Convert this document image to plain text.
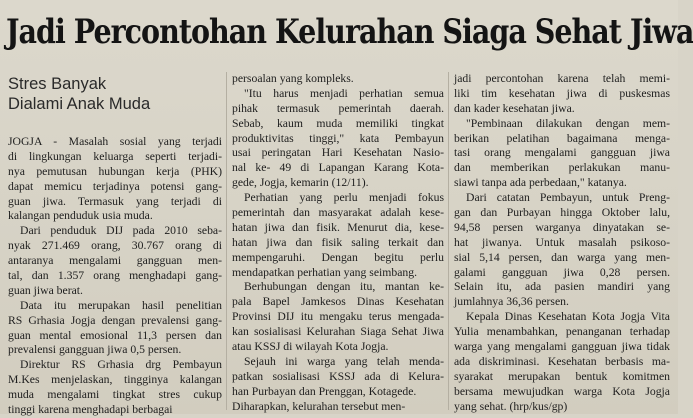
Jadi Percontohan Kelurahan Siaga Sehat Jiwa
Stres Banyak
Dialami Anak Muda
JOGJA - Masalah sosial yang terjadi
di lingkungan keluarga seperti terjadi-
nya pemutusan hubungan kerja (PHK)
dapat memicu terjadinya potensi gang-
guan jiwa. Termasuk yang terjadi di
kalangan penduduk usia muda.
Dari penduduk DIJ pada 2010 seba-
nyak 271.469 orang, 30.767 orang di
antaranya mengalami gangguan men-
tal, dan 1.357 orang menghadapi gang-
guan jiwa berat.
Data itu merupakan hasil penelitian
RS Grhasia Jogja dengan prevalensi gang-
guan mental emosional 11,3 persen dan
prevalensi gangguan jiwa 0,5 persen.
Direktur RS Grhasia drg Pembayun
M.Kes menjelaskan, tingginya kalangan
muda mengalami tingkat stres cukup
tinggi karena menghadapi berbagai
persoalan yang kompleks.
"Itu harus menjadi perhatian semua
pihak termasuk pemerintah daerah.
Sebab, kaum muda memiliki tingkat
produktivitas tinggi," kata Pembayun
usai peringatan Hari Kesehatan Nasio-
nal ke- 49 di Lapangan Karang Kota-
gede, Jogja, kemarin (12/11).
Perhatian yang perlu menjadi fokus
pemerintah dan masyarakat adalah kese-
hatan jiwa dan fisik. Menurut dia, kese-
hatan jiwa dan fisik saling terkait dan
mempengaruhi. Dengan begitu perlu
mendapatkan perhatian yang seimbang.
Berhubungan dengan itu, mantan ke-
pala Bapel Jamkesos Dinas Kesehatan
Provinsi DIJ itu mengaku terus mengada-
kan sosialisasi Kelurahan Siaga Sehat Jiwa
atau KSSJ di wilayah Kota Jogja.
Sejauh ini warga yang telah menda-
patkan sosialisasi KSSJ ada di Kelura-
han Purbayan dan Prenggan, Kotagede.
Diharapkan, kelurahan tersebut men-
jadi percontohan karena telah memi-
liki tim kesehatan jiwa di puskesmas
dan kader kesehatan jiwa.
"Pembinaan dilakukan dengan mem-
berikan pelatihan bagaimana menga-
tasi orang mengalami gangguan jiwa
dan memberikan perlakukan manu-
siawi tanpa ada perbedaan," katanya.
Dari catatan Pembayun, untuk Preng-
gan dan Purbayan hingga Oktober lalu,
94,58 persen warganya dinyatakan se-
hat jiwanya. Untuk masalah psikoso-
sial 5,14 persen, dan warga yang men-
galami gangguan jiwa 0,28 persen.
Selain itu, ada pasien mandiri yang
jumlahnya 36,36 persen.
Kepala Dinas Kesehatan Kota Jogja Vita
Yulia menambahkan, penanganan terhadap
warga yang mengalami gangguan jiwa tidak
ada diskriminasi. Kesehatan berbasis ma-
syarakat merupakan bentuk komitmen
bersama mewujudkan warga Kota Jogja
yang sehat. (hrp/kus/gp)
